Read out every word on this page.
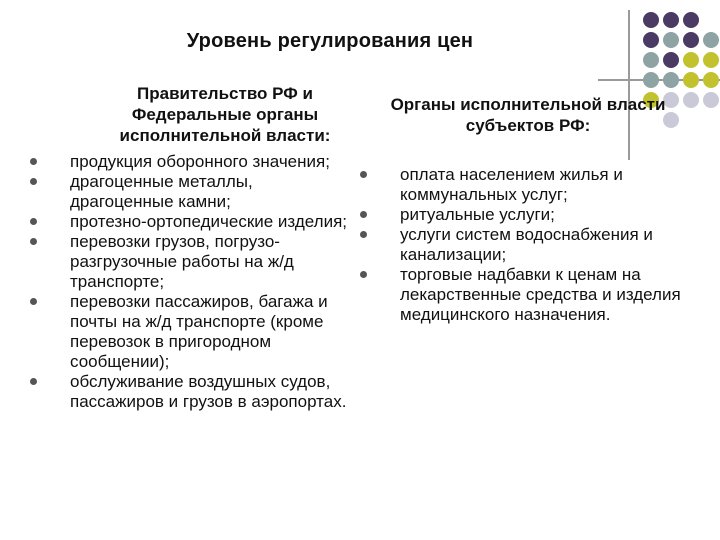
Уровень регулирования цен
Правительство РФ и Федеральные органы исполнительной власти:
продукция оборонного значения;
драгоценные металлы, драгоценные камни;
протезно-ортопедические изделия;
перевозки грузов, погрузо-разгрузочные работы на ж/д транспорте;
перевозки пассажиров, багажа и почты на ж/д транспорте (кроме перевозок в пригородном сообщении);
обслуживание воздушных судов, пассажиров и грузов в аэропортах.
Органы исполнительной власти субъектов РФ:
оплата населением жилья и коммунальных услуг;
ритуальные услуги;
услуги систем водоснабжения и канализации;
торговые надбавки к ценам на лекарственные средства и изделия медицинского назначения.
